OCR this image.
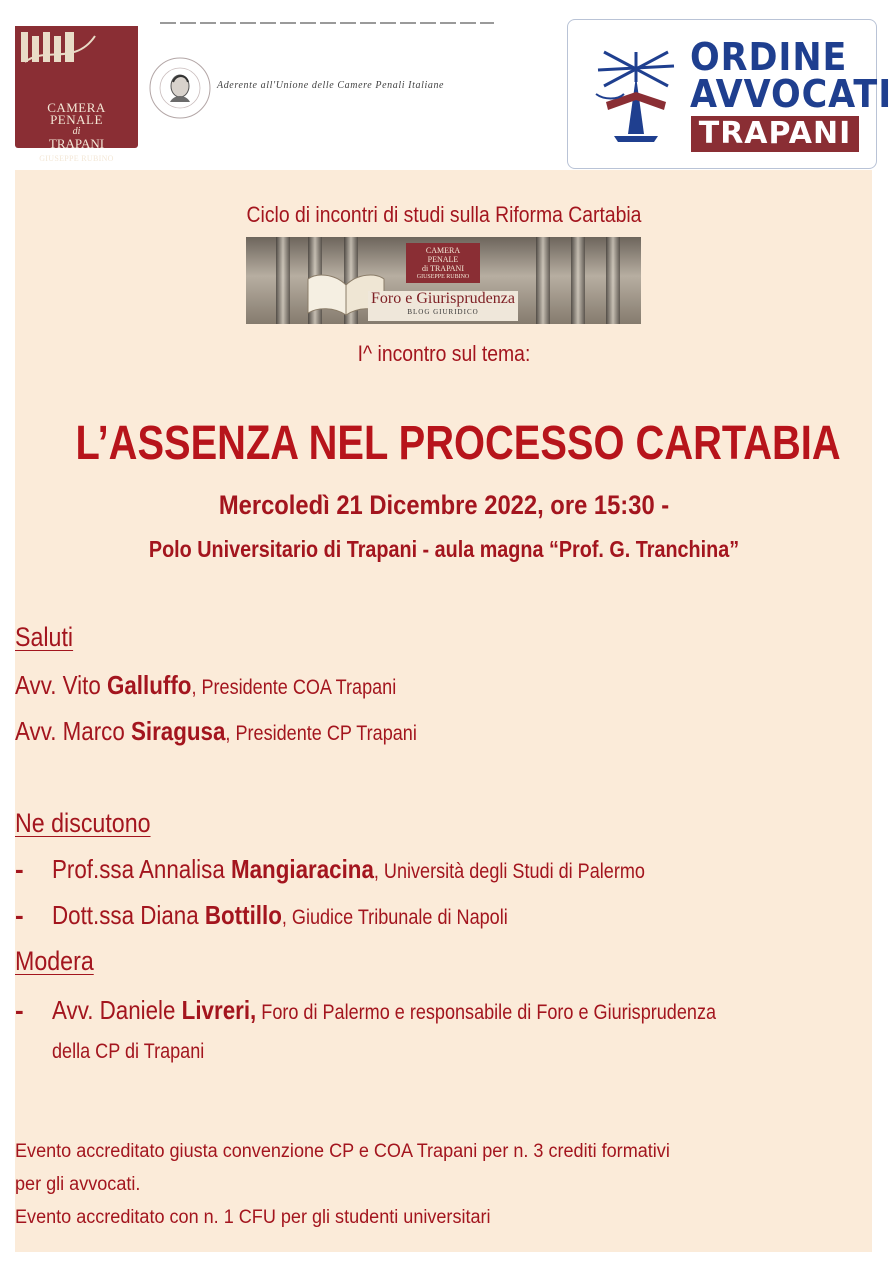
CAMERA
PENALE
di
TRAPANI
GIUSEPPE RUBINO
Aderente all'Unione delle Camere Penali Italiane
ORDINE
AVVOCATI
TRAPANI
Ciclo di incontri di studi sulla Riforma Cartabia
CAMERA
PENALE
di TRAPANI
GIUSEPPE RUBINO
Foro e Giurisprudenza
BLOG GIURIDICO
I^ incontro sul tema:
L’ASSENZA NEL PROCESSO CARTABIA
Mercoledì 21 Dicembre 2022, ore 15:30 -
Polo Universitario di Trapani - aula magna “Prof. G. Tranchina”
Saluti
Avv. Vito Galluffo, Presidente COA Trapani
Avv. Marco Siragusa, Presidente CP Trapani
Ne discutono
- Prof.ssa Annalisa Mangiaracina, Università degli Studi di Palermo
- Dott.ssa Diana Bottillo, Giudice Tribunale di Napoli
Modera
- Avv. Daniele Livreri, Foro di Palermo e responsabile di Foro e Giurisprudenza
della CP di Trapani
Evento accreditato giusta convenzione CP e COA Trapani per n. 3 crediti formativi
per gli avvocati.
Evento accreditato con n. 1 CFU per gli studenti universitari
